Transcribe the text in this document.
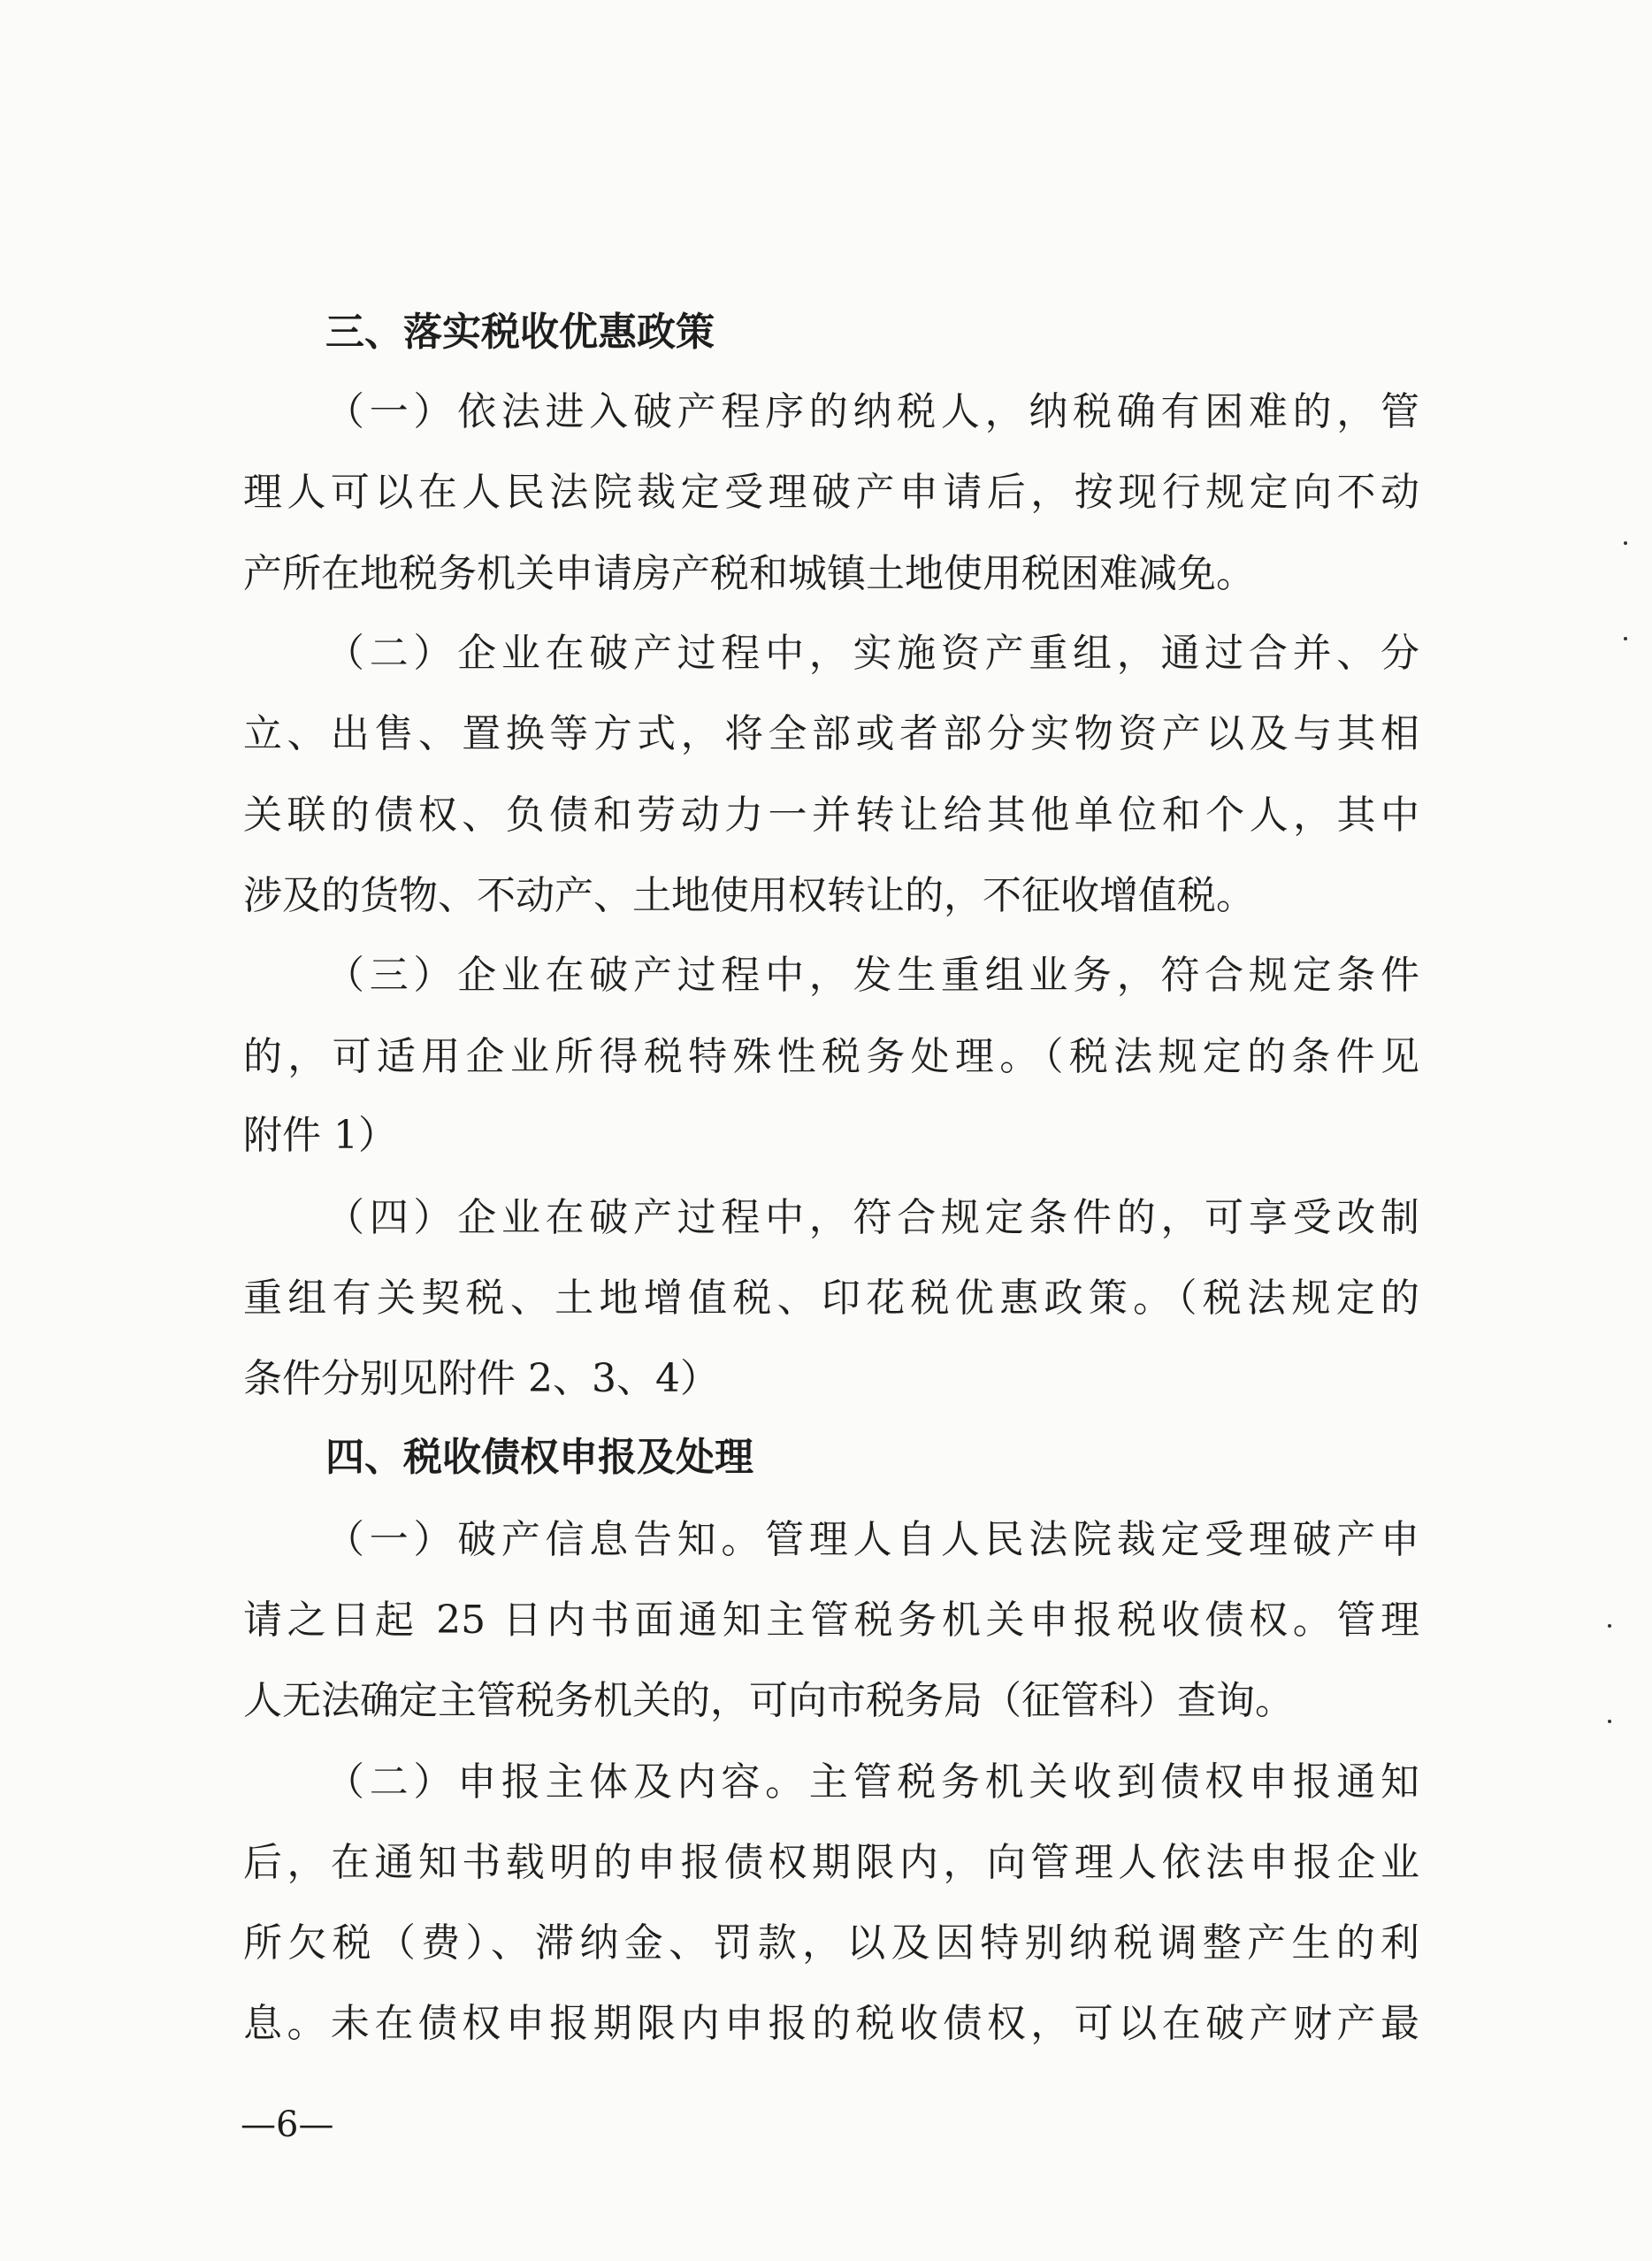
三、落实税收优惠政策
（一）依法进入破产程序的纳税人，纳税确有困难的，管
理人可以在人民法院裁定受理破产申请后，按现行规定向不动
产所在地税务机关申请房产税和城镇土地使用税困难减免。
（二）企业在破产过程中，实施资产重组，通过合并、分
立、出售、置换等方式，将全部或者部分实物资产以及与其相
关联的债权、负债和劳动力一并转让给其他单位和个人，其中
涉及的货物、不动产、土地使用权转让的，不征收增值税。
（三）企业在破产过程中，发生重组业务，符合规定条件
的，可适用企业所得税特殊性税务处理。（税法规定的条件见
附件 1）
（四）企业在破产过程中，符合规定条件的，可享受改制
重组有关契税、土地增值税、印花税优惠政策。（税法规定的
条件分别见附件 2、3、4）
四、税收债权申报及处理
（一）破产信息告知。管理人自人民法院裁定受理破产申
请之日起 25 日内书面通知主管税务机关申报税收债权。管理
人无法确定主管税务机关的，可向市税务局（征管科）查询。
（二）申报主体及内容。主管税务机关收到债权申报通知
后，在通知书载明的申报债权期限内，向管理人依法申报企业
所欠税（费）、滞纳金、罚款，以及因特别纳税调整产生的利
息。未在债权申报期限内申报的税收债权，可以在破产财产最
—6—
